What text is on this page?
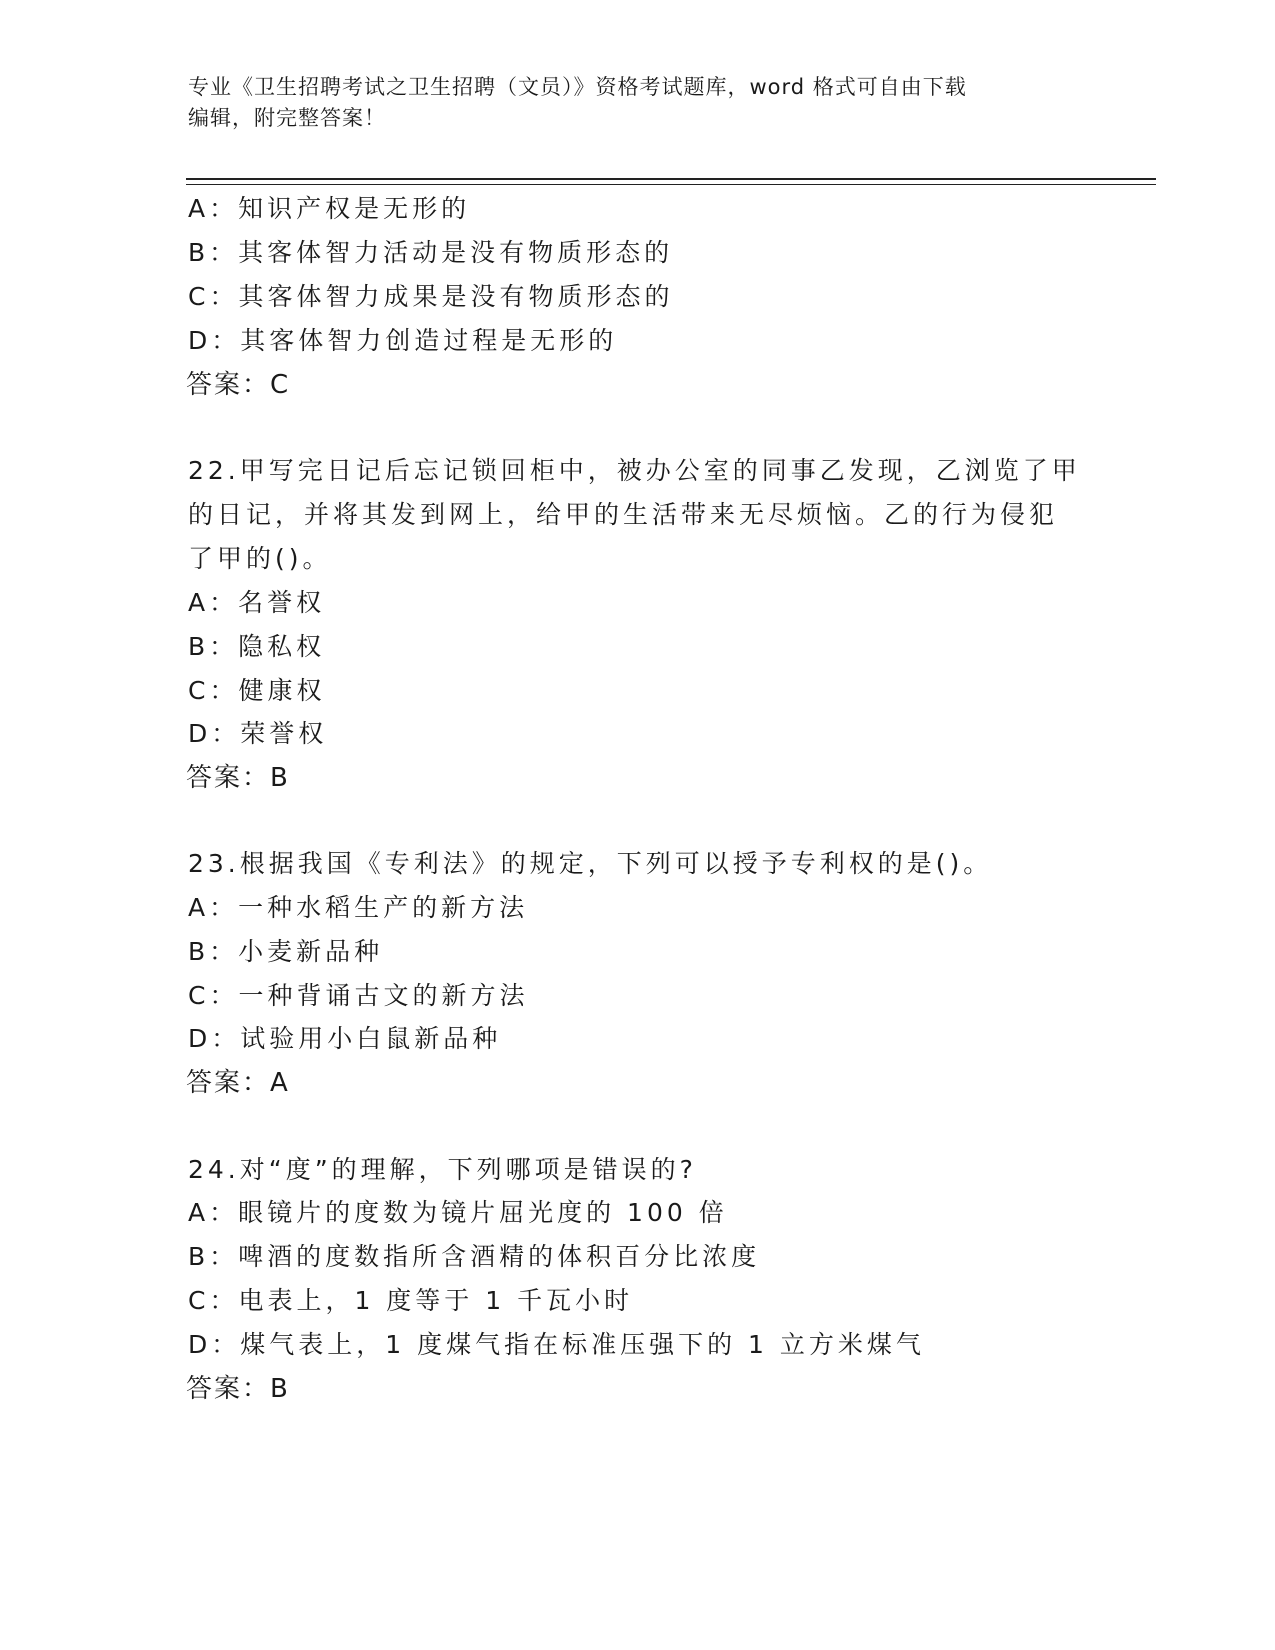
专业《卫生招聘考试之卫生招聘（文员）》资格考试题库，word 格式可自由下载
编辑，附完整答案！
A：知识产权是无形的
B：其客体智力活动是没有物质形态的
C：其客体智力成果是没有物质形态的
D：其客体智力创造过程是无形的
答案：C
22.甲写完日记后忘记锁回柜中，被办公室的同事乙发现，乙浏览了甲
的日记，并将其发到网上，给甲的生活带来无尽烦恼。乙的行为侵犯
了甲的()。
A：名誉权
B：隐私权
C：健康权
D：荣誉权
答案：B
23.根据我国《专利法》的规定，下列可以授予专利权的是()。
A：一种水稻生产的新方法
B：小麦新品种
C：一种背诵古文的新方法
D：试验用小白鼠新品种
答案：A
24.对“度”的理解，下列哪项是错误的?
A：眼镜片的度数为镜片屈光度的 100 倍
B：啤酒的度数指所含酒精的体积百分比浓度
C：电表上，1 度等于 1 千瓦小时
D：煤气表上，1 度煤气指在标准压强下的 1 立方米煤气
答案：B
